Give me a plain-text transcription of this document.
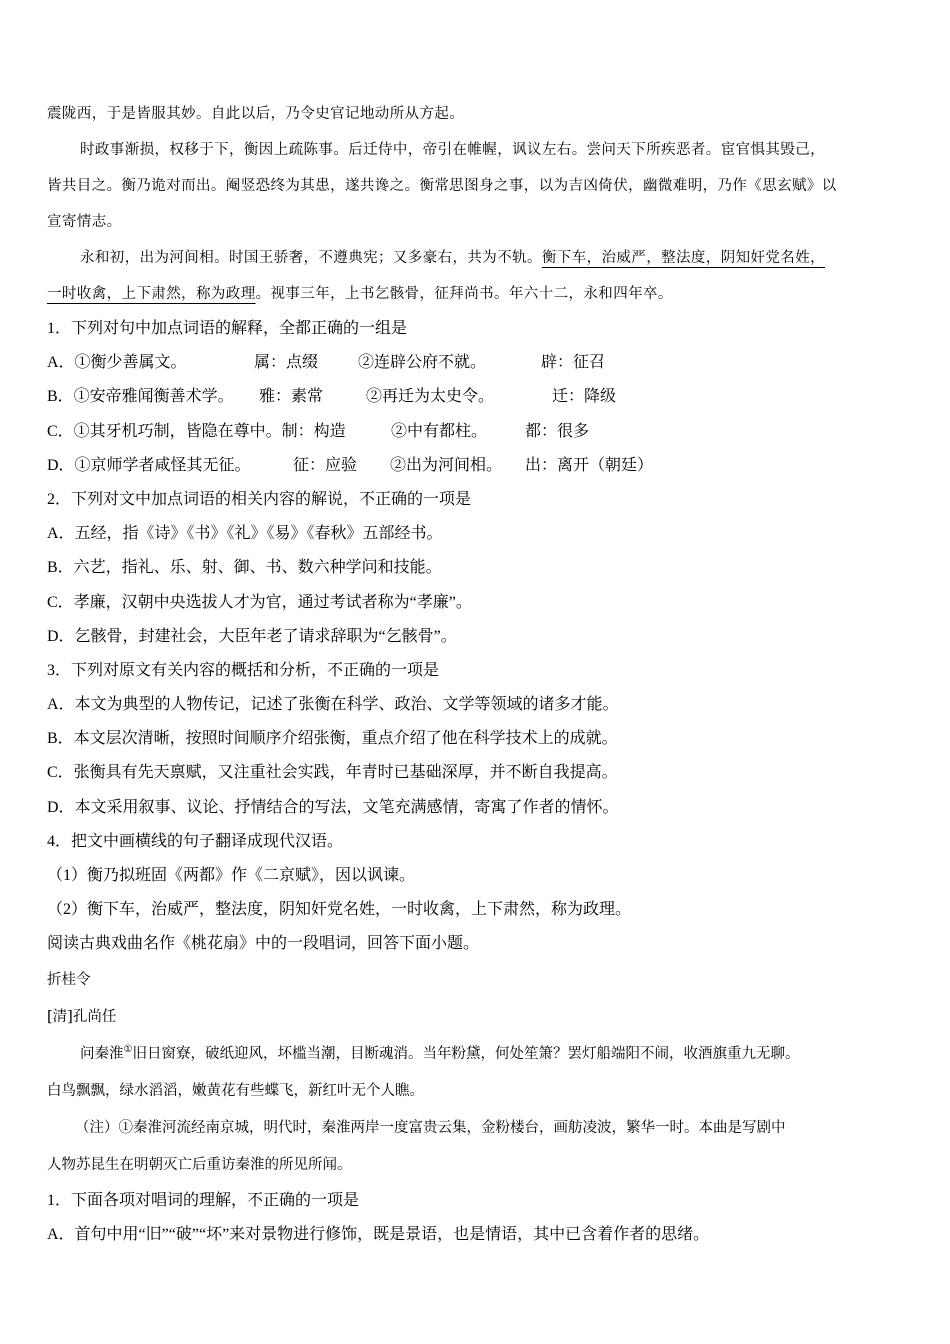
震陇西，于是皆服其妙。自此以后，乃令史官记地动所从方起。

时政事渐损，权移于下，衡因上疏陈事。后迁侍中，帝引在帷幄，讽议左右。尝问天下所疾恶者。宦官惧其毁己，

皆共目之。衡乃诡对而出。阉竖恐终为其患，遂共谗之。衡常思图身之事，以为吉凶倚伏，幽微难明，乃作《思玄赋》以

宣寄情志。

永和初，出为河间相。时国王骄奢，不遵典宪；又多豪右，共为不轨。衡下车，治威严，整法度，阴知奸党名姓，

一时收禽，上下肃然，称为政理。视事三年，上书乞骸骨，征拜尚书。年六十二，永和四年卒。

1．下列对句中加点词语的解释，全都正确的一组是

A．①衡少善属文。	属：点缀 ②连辟公府不就。	辟：征召

B．①安帝雅闻衡善术学。 雅：素常	②再迁为太史令。	迁：降级

C．①其牙机巧制，皆隐在尊中。制：构造	②中有都柱。 都：很多

D．①京师学者咸怪其无征。	征：应验 ②出为河间相。 出：离开（朝廷）

2．下列对文中加点词语的相关内容的解说，不正确的一项是

A．五经，指《诗》《书》《礼》《易》《春秋》五部经书。

B．六艺，指礼、乐、射、御、书、数六种学问和技能。

C．孝廉，汉朝中央选拔人才为官，通过考试者称为“孝廉”。

D．乞骸骨，封建社会，大臣年老了请求辞职为“乞骸骨”。

3．下列对原文有关内容的概括和分析，不正确的一项是

A．本文为典型的人物传记，记述了张衡在科学、政治、文学等领域的诸多才能。

B．本文层次清晰，按照时间顺序介绍张衡，重点介绍了他在科学技术上的成就。

C．张衡具有先天禀赋，又注重社会实践，年青时已基础深厚，并不断自我提高。

D．本文采用叙事、议论、抒情结合的写法，文笔充满感情，寄寓了作者的情怀。

4．把文中画横线的句子翻译成现代汉语。

（1）衡乃拟班固《两都》作《二京赋》，因以讽谏。

（2）衡下车，治威严，整法度，阴知奸党名姓，一时收禽，上下肃然，称为政理。

阅读古典戏曲名作《桃花扇》中的一段唱词，回答下面小题。

折桂令

[清]孔尚任

问秦淮①旧日窗寮，破纸迎风，坏槛当潮，目断魂消。当年粉黛，何处笙箫？罢灯船端阳不闹，收酒旗重九无聊。

白鸟飘飘，绿水滔滔，嫩黄花有些蝶飞，新红叶无个人瞧。

（注）①秦淮河流经南京城，明代时，秦淮两岸一度富贵云集，金粉楼台，画舫凌波，繁华一时。本曲是写剧中

人物苏昆生在明朝灭亡后重访秦淮的所见所闻。

1．下面各项对唱词的理解，不正确的一项是

A．首句中用“旧”“破”“坏”来对景物进行修饰，既是景语，也是情语，其中已含着作者的思绪。
